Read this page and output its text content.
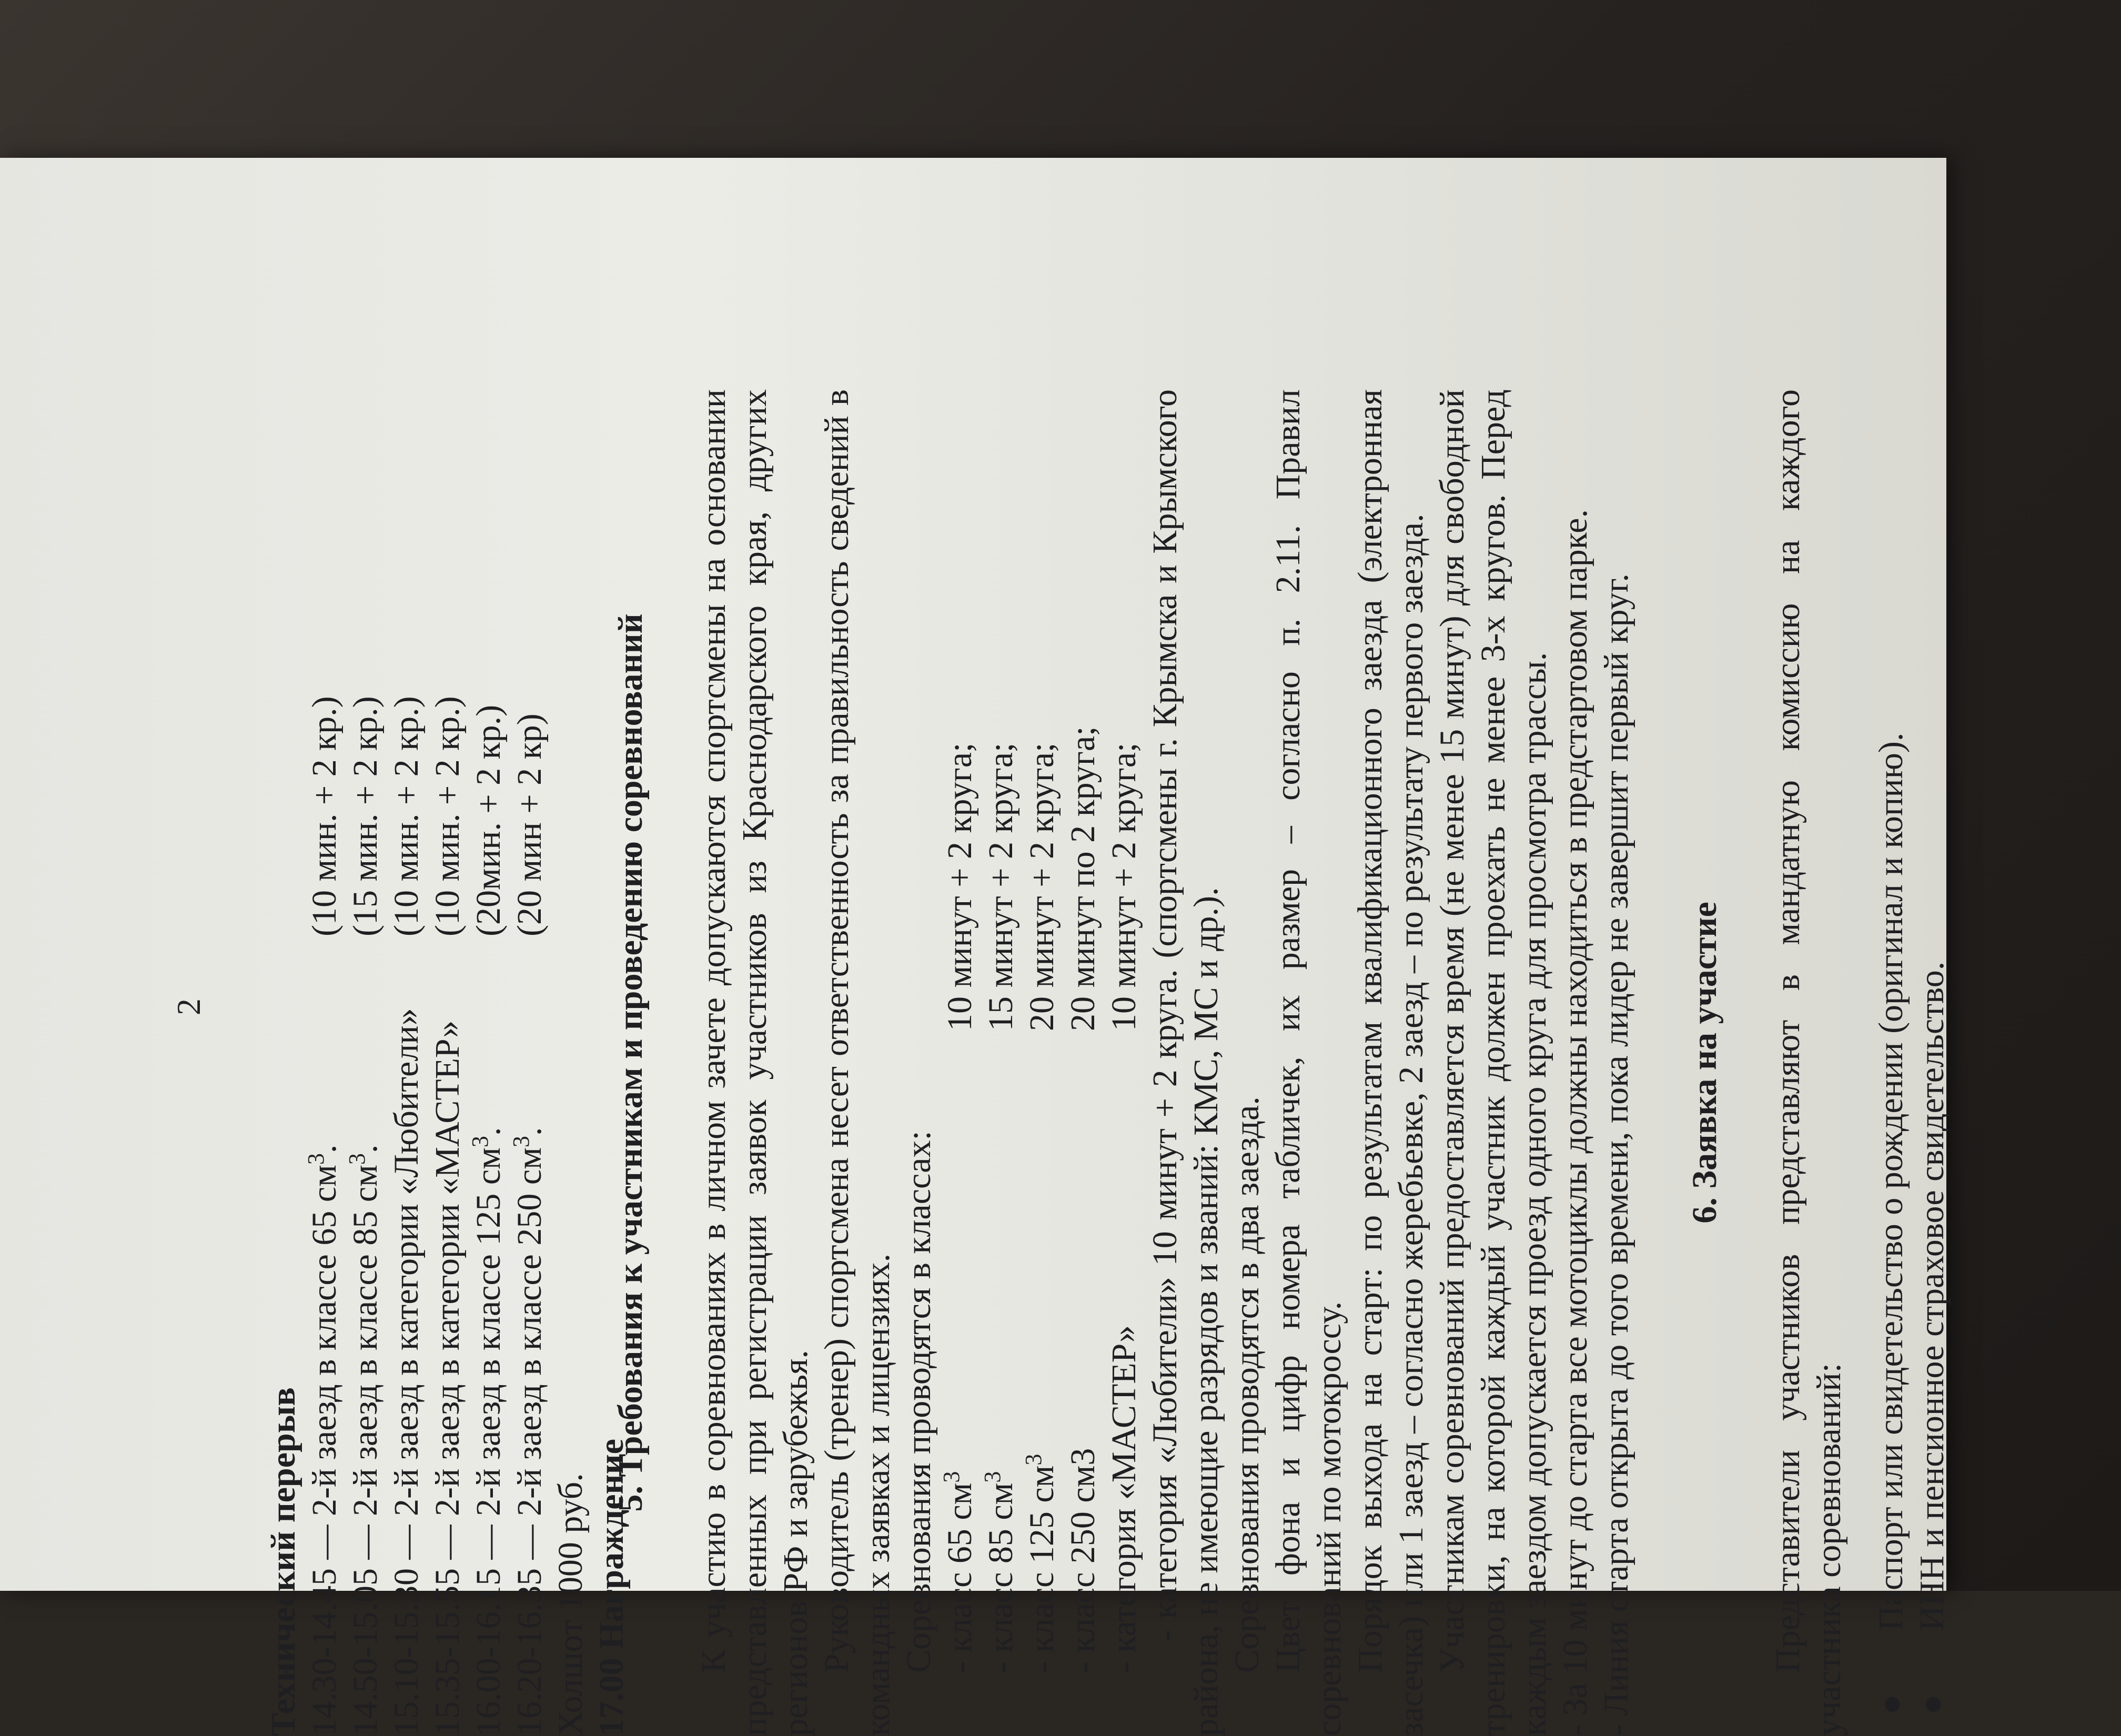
2
Технический перерыв 14.30-14.45 — 2-й заезд в классе 65 $см^3$.
(10 мин. + 2 кр.)
14.50-15.05 — 2-й заезд в классе 85 $см^3$.
(15 мин. + 2 кр.)
15.10-15.30 — 2-й заезд в категории «Любители»
(10 мин. + 2 кр.)
15.35-15.55 — 2-й заезд в категории «МАСТЕР»
(10 мин. + 2 кр.)
16.00-16.15 — 2-й заезд в классе 125 $см^3$.
(20мин. + 2 кр.)
16.20-16.35 — 2-й заезд в классе 250 $см^3$.
(20 мин + 2 кр)
Холшот 1000 руб. 17.00 Награждение
5. Требования к участникам и проведению соревнований К участию в соревнованиях в личном зачете допускаются спортсмены на основании представленных при регистрации заявок участников из Краснодарского края, других регионов РФ и зарубежья. Руководитель (тренер) спортсмена несет ответственность за правильность сведений в командных заявках и лицензиях. Соревнования проводятся в классах: - класс 65 $см^3$
10 минут + 2 круга;
- класс 85 $см^3$
15 минут + 2 круга;
- класс 125 $см^3$
20 минут + 2 круга;
- класс 250 см3
20 минут по 2 круга;
- категория «МАСТЕР»
10 минут + 2 круга; - категория «Любители» 10 минут + 2 круга. (спортсмены г. Крымска и Крымского района, не имеющие разрядов и званий: КМС, МС и др.). Соревнования проводятся в два заезда. Цвет фона и цифр номера табличек, их размер – согласно п. 2.11. Правил соревнований по мотокроссу. Порядок выхода на старт: по результатам квалификационного заезда (электронная засечка) или 1 заезд – согласно жеребьевке, 2 заезд – по результату первого заезда. Участникам соревнований предоставляется время (не менее 15 минут) для свободной тренировки, на которой каждый участник должен проехать не менее 3-х кругов. Перед каждым заездом допускается проезд одного круга для просмотра трассы. - За 10 минут до старта все мотоциклы должны находиться в предстартовом парке. - Линия старта открыта до того времени, пока лидер не завершит первый круг. 6. Заявка на участие Представители участников представляют в мандатную комиссию на каждого участника соревнований: ●
Паспорт или свидетельство о рождении (оригинал и копию).
●
ИНН и пенсионное страховое свидетельство.
